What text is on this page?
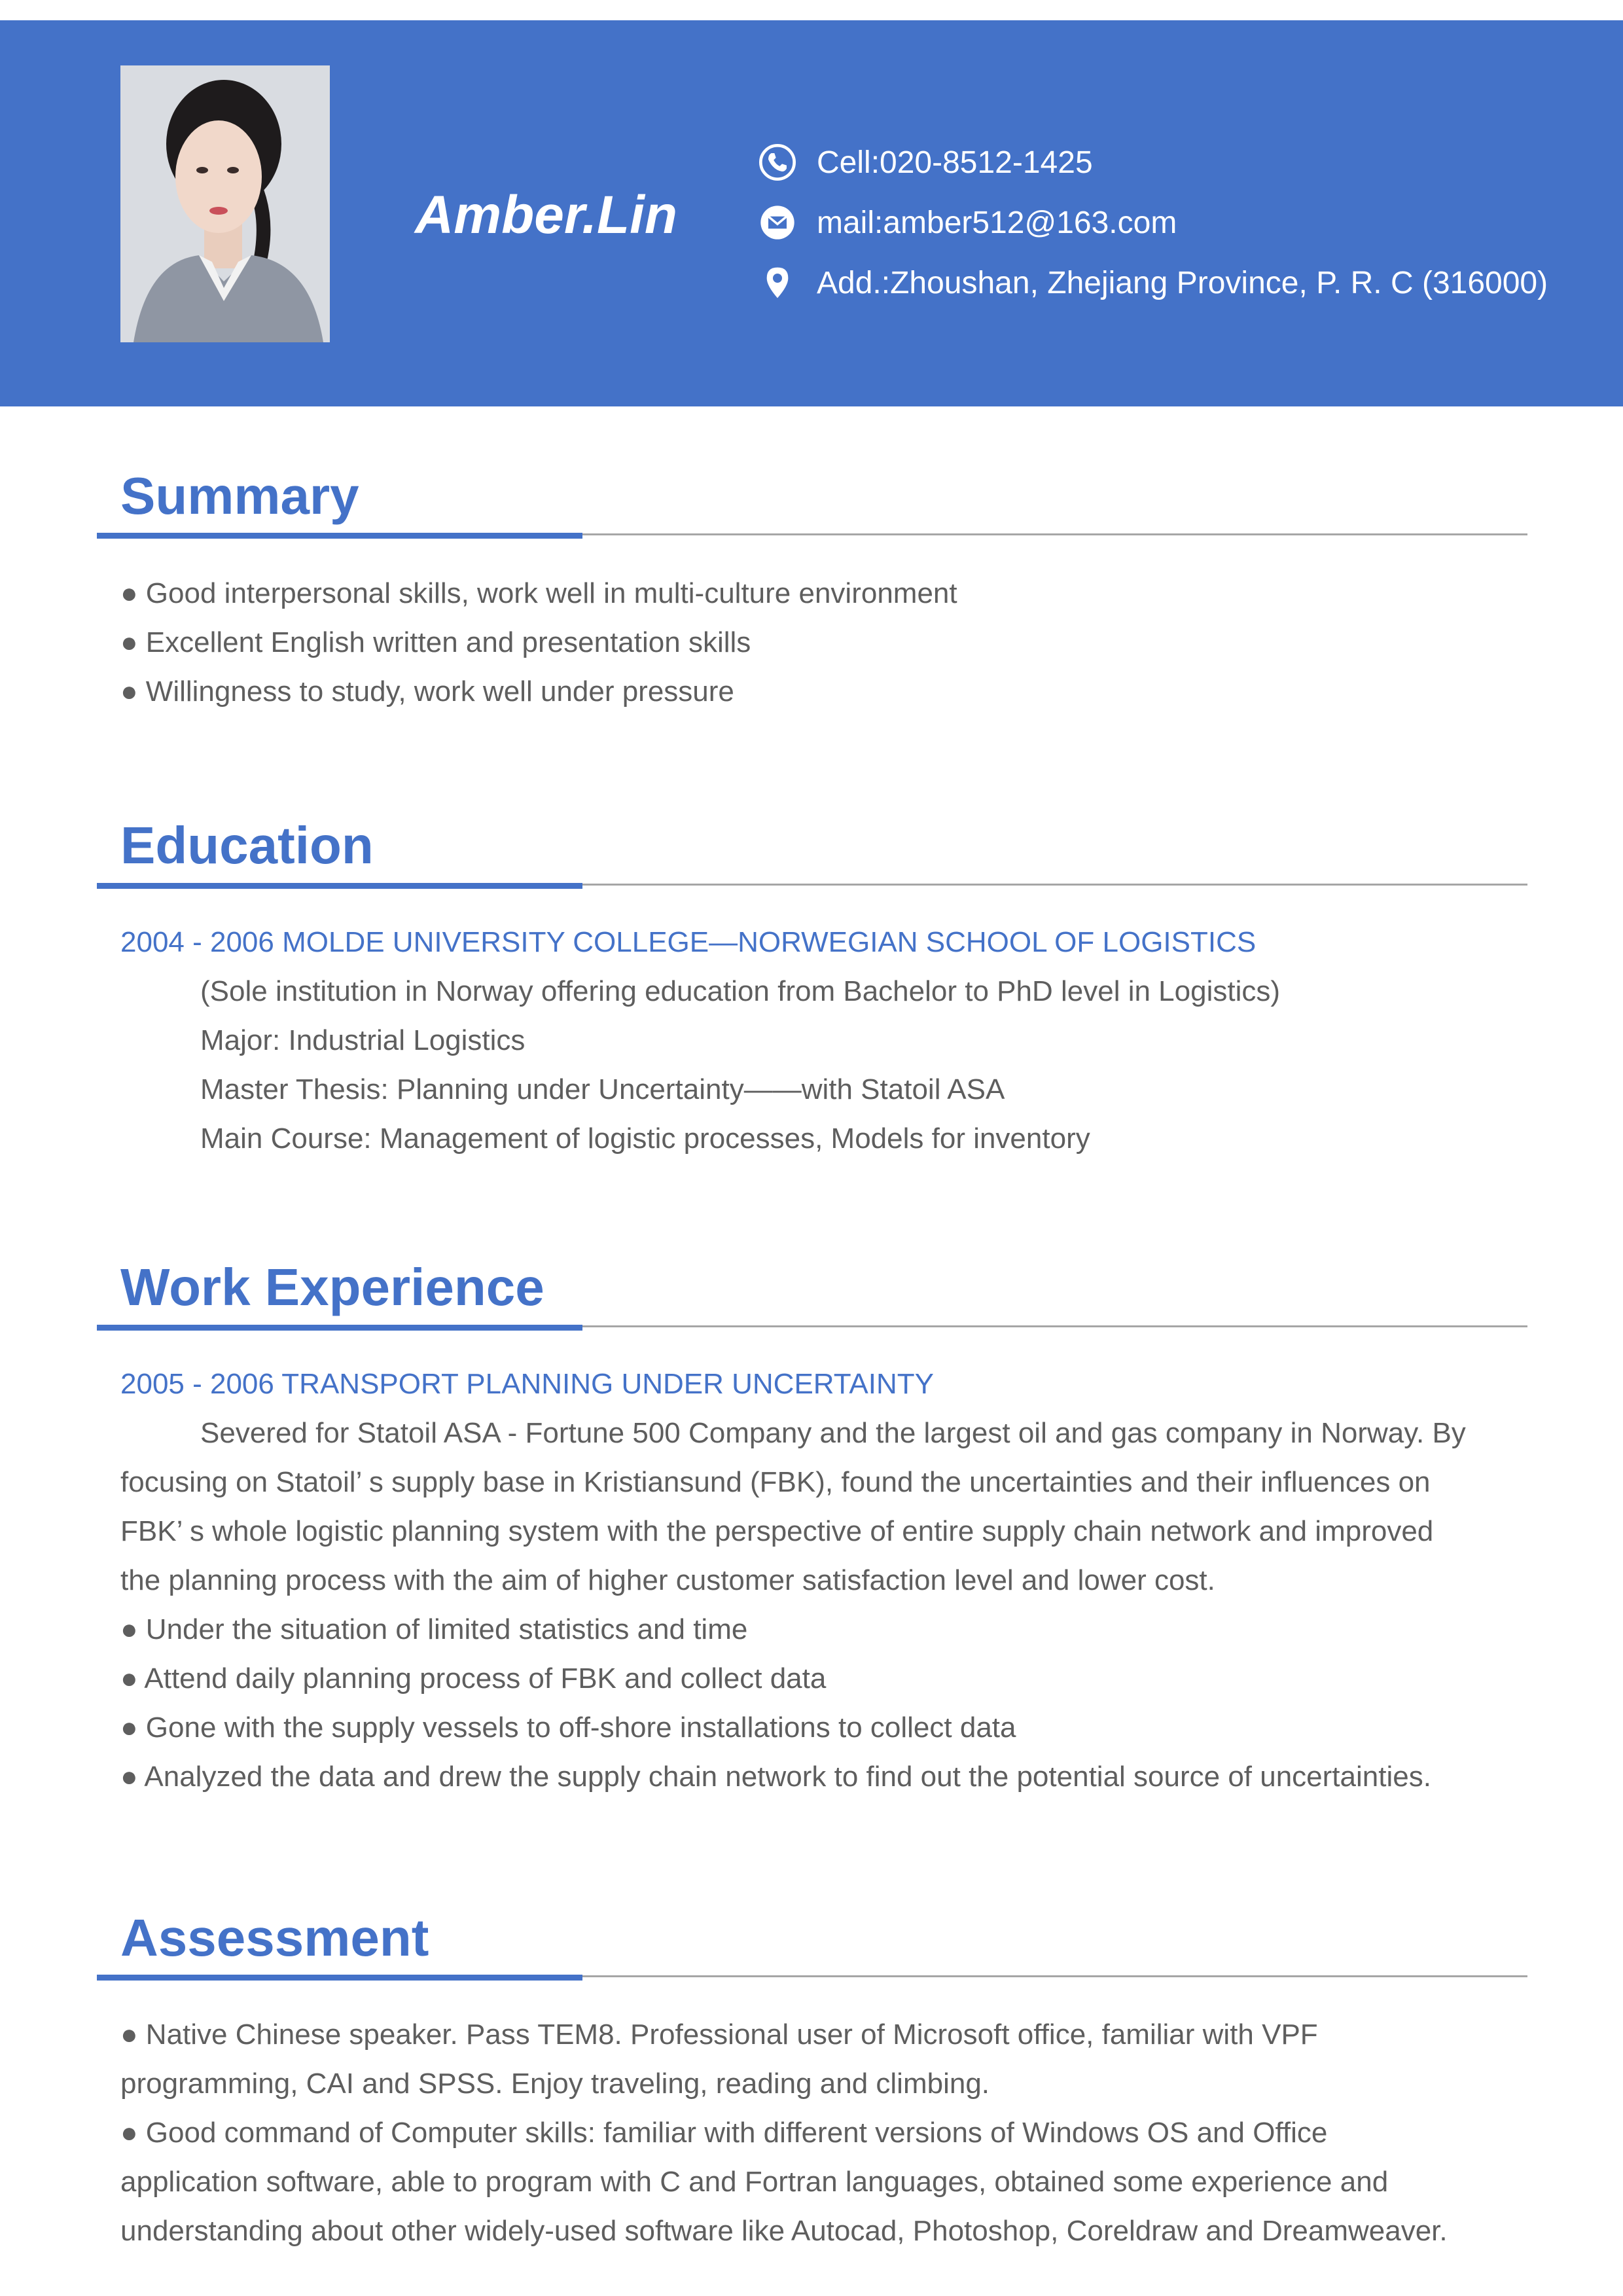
Amber.Lin
Cell:020-8512-1425
mail:amber512@163.com
Add.:Zhoushan, Zhejiang Province, P. R. C (316000)
Summary
● Good interpersonal skills, work well in multi-culture environment
● Excellent English written and presentation skills
● Willingness to study, work well under pressure
Education
2004 - 2006 MOLDE UNIVERSITY COLLEGE—NORWEGIAN SCHOOL OF LOGISTICS
(Sole institution in Norway offering education from Bachelor to PhD level in Logistics)
Major: Industrial Logistics
Master Thesis: Planning under Uncertainty——with Statoil ASA
Main Course: Management of logistic processes, Models for inventory
Work Experience
2005 - 2006 TRANSPORT PLANNING UNDER UNCERTAINTY
Severed for Statoil ASA - Fortune 500 Company and the largest oil and gas company in Norway. By
focusing on Statoil’ s supply base in Kristiansund (FBK), found the uncertainties and their influences on
FBK’ s whole logistic planning system with the perspective of entire supply chain network and improved
the planning process with the aim of higher customer satisfaction level and lower cost.
● Under the situation of limited statistics and time
● Attend daily planning process of FBK and collect data
● Gone with the supply vessels to off-shore installations to collect data
● Analyzed the data and drew the supply chain network to find out the potential source of uncertainties.
Assessment
● Native Chinese speaker. Pass TEM8. Professional user of Microsoft office, familiar with VPF
programming, CAI and SPSS. Enjoy traveling, reading and climbing.
● Good command of Computer skills: familiar with different versions of Windows OS and Office
application software, able to program with C and Fortran languages, obtained some experience and
understanding about other widely-used software like Autocad, Photoshop, Coreldraw and Dreamweaver.
